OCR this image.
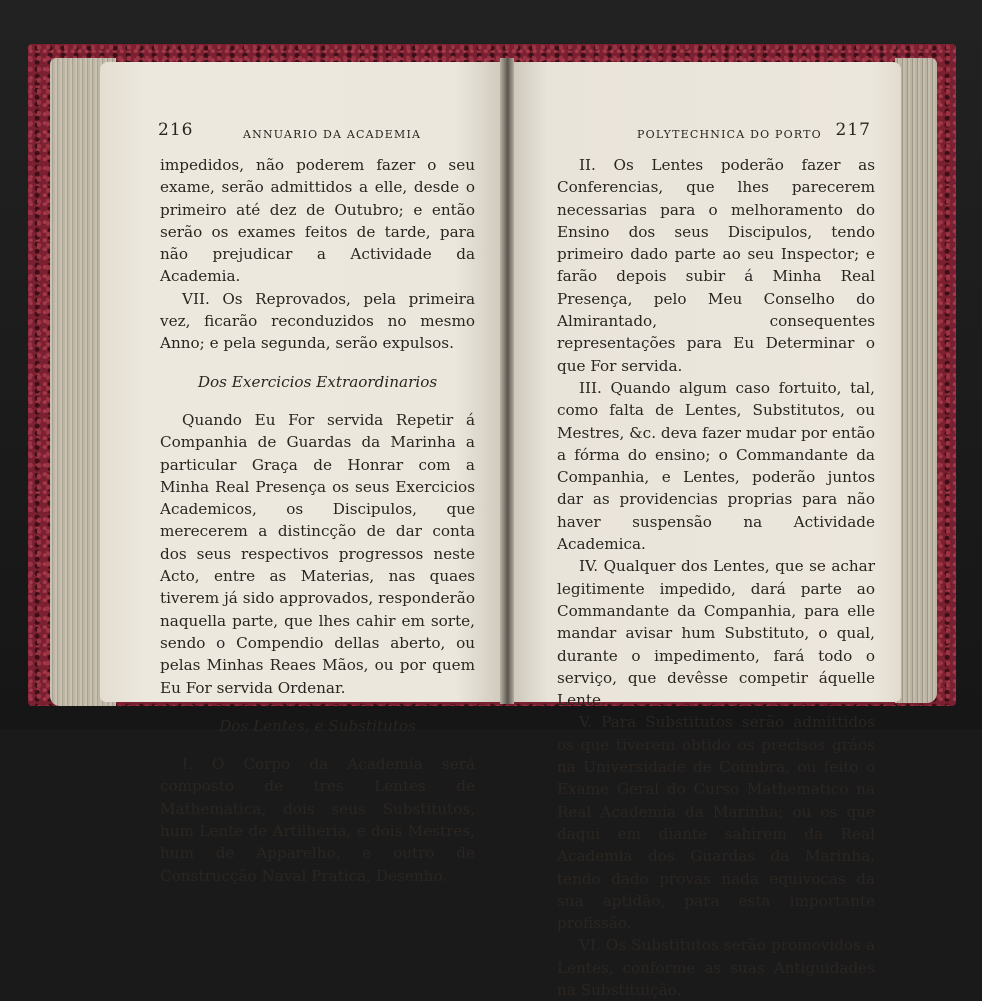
216	ANNUARIO DA ACADEMIA

impedidos, não poderem fazer o seu exame, serão admittidos a elle, desde o primeiro até dez de Outubro; e então serão os exames feitos de tarde, para não prejudicar a Actividade da Academia.

VII. Os Reprovados, pela primeira vez, ficarão reconduzidos no mesmo Anno; e pela segunda, serão expulsos.

Dos Exercicios Extraordinarios

Quando Eu For servida Repetir á Companhia de Guardas da Marinha a particular Graça de Honrar com a Minha Real Presença os seus Exercicios Academicos, os Discipulos, que merecerem a distincção de dar conta dos seus respectivos progressos neste Acto, entre as Materias, nas quaes tiverem já sido approvados, responderão naquella parte, que lhes cahir em sorte, sendo o Compendio dellas aberto, ou pelas Minhas Reaes Mãos, ou por quem Eu For servida Ordenar.

Dos Lentes, e Substitutos

I. O Corpo da Academia será composto de tres Lentes de Mathematica, dois seus Substitutos, hum Lente de Artilheria, e dois Mestres, hum de Apparelho, e outro de Construcção Naval Pratica, Desenho.

POLYTECHNICA DO PORTO 217

II. Os Lentes poderão fazer as Conferencias, que lhes parecerem necessarias para o melhoramento do Ensino dos seus Discipulos, tendo primeiro dado parte ao seu Inspector; e farão depois subir á Minha Real Presença, pelo Meu Conselho do Almirantado, consequentes representações para Eu Determinar o que For servida.

III. Quando algum caso fortuito, tal, como falta de Lentes, Substitutos, ou Mestres, &c. deva fazer mudar por então a fórma do ensino; o Commandante da Companhia, e Lentes, poderão juntos dar as providencias proprias para não haver suspensão na Actividade Academica.

IV. Qualquer dos Lentes, que se achar legitimente impedido, dará parte ao Commandante da Companhia, para elle mandar avisar hum Substituto, o qual, durante o impedimento, fará todo o serviço, que devêsse competir áquelle Lente.

V. Para Substitutos serão admittidos os que tiverem obtido os precisos gráos na Universidade de Coimbra, ou feito o Exame Geral do Curso Mathematico na Real Academia da Marinha; ou os que daqui em diante sahirem da Real Academia dos Guardas da Marinha, tendo dado provas nada equivocas da sua aptidão, para esta importante profissão.

VI. Os Substitutos serão promovidos a Lentes, conforme as suas Antiguidades na Substituição.
